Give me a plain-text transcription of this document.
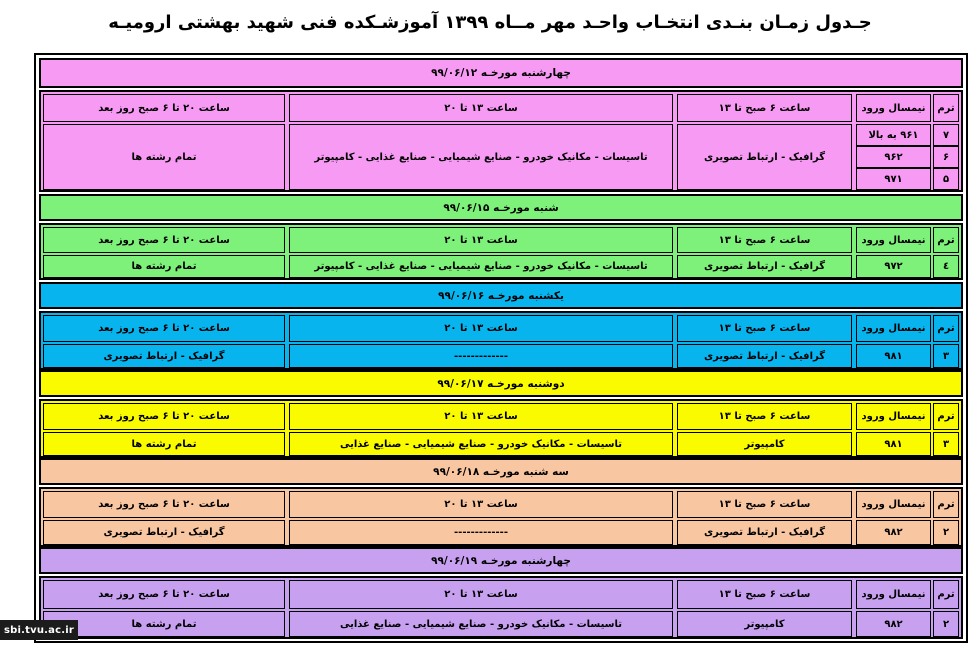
جـدول زمـان بنـدی انتخـاب واحـد مهر مــاه ۱۳۹۹ آموزشـکده فنی شهید بهشتی ارومیـه
چهارشنبه مورخـه ۹۹/۰۶/۱۲
ترم
نیمسال ورود
ساعت ۶ صبح تا ۱۳
ساعت ۱۳ تا ۲۰
ساعت ۲۰ تا ۶ صبح روز بعد
۷
۹۶۱ به بالا
۶
۹۶۲
۵
۹۷۱
گرافیک - ارتباط تصویری
تاسیسات - مکانیک خودرو - صنایع شیمیایی - صنایع غذایی - کامپیوتر
تمام رشته ها
شنبه مورخـه ۹۹/۰۶/۱۵
ترم
نیمسال ورود
ساعت ۶ صبح تا ۱۳
ساعت ۱۳ تا ۲۰
ساعت ۲۰ تا ۶ صبح روز بعد
٤
۹۷۲
گرافیک - ارتباط تصویری
تاسیسات - مکانیک خودرو - صنایع شیمیایی - صنایع غذایی - کامپیوتر
تمام رشته ها
یکشنبه مورخـه ۹۹/۰۶/۱۶
ترم
نیمسال ورود
ساعت ۶ صبح تا ۱۳
ساعت ۱۳ تا ۲۰
ساعت ۲۰ تا ۶ صبح روز بعد
۳
۹۸۱
گرافیک - ارتباط تصویری
-------------
گرافیک - ارتباط تصویری
دوشنبه مورخـه ۹۹/۰۶/۱۷
ترم
نیمسال ورود
ساعت ۶ صبح تا ۱۳
ساعت ۱۳ تا ۲۰
ساعت ۲۰ تا ۶ صبح روز بعد
۳
۹۸۱
کامپیوتر
تاسیسات - مکانیک خودرو - صنایع شیمیایی - صنایع غذایی
تمام رشته ها
سه شنبه مورخـه ۹۹/۰۶/۱۸
ترم
نیمسال ورود
ساعت ۶ صبح تا ۱۳
ساعت ۱۳ تا ۲۰
ساعت ۲۰ تا ۶ صبح روز بعد
۲
۹۸۲
گرافیک - ارتباط تصویری
-------------
گرافیک - ارتباط تصویری
چهارشنبه مورخـه ۹۹/۰۶/۱۹
ترم
نیمسال ورود
ساعت ۶ صبح تا ۱۳
ساعت ۱۳ تا ۲۰
ساعت ۲۰ تا ۶ صبح روز بعد
۲
۹۸۲
کامپیوتر
تاسیسات - مکانیک خودرو - صنایع شیمیایی - صنایع غذایی
تمام رشته ها
sbi.tvu.ac.ir
